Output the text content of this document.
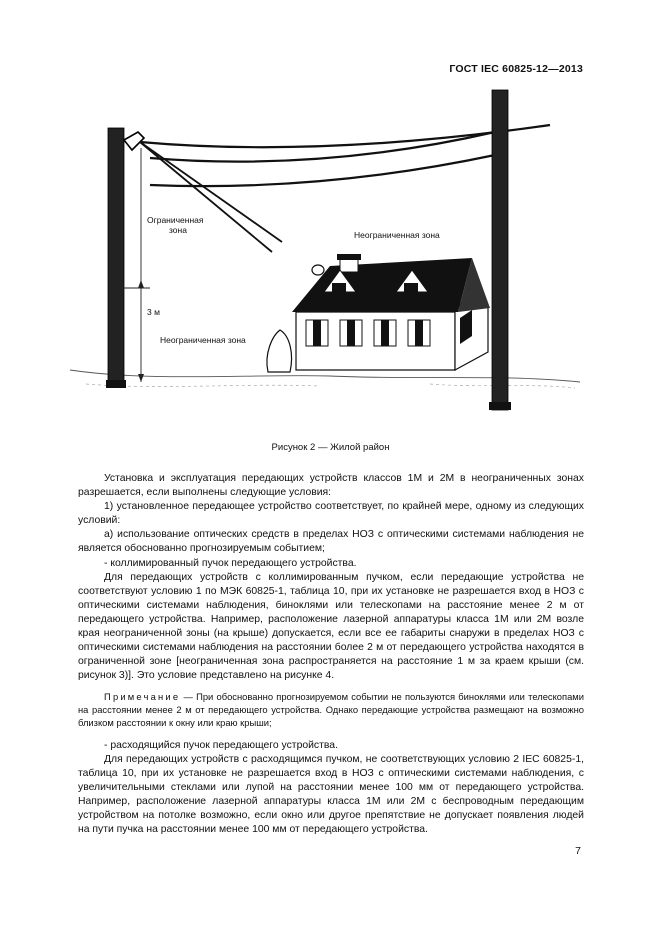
ГОСТ IEC 60825-12—2013
Ограниченная
зона	Неограниченная зона
3 м
Неограниченная зона
Рисунок 2 — Жилой район

Установка и эксплуатация передающих устройств классов 1M и 2M в неограниченных зонах разрешается, если выполнены следующие условия:

1) установленное передающее устройство соответствует, по крайней мере, одному из следующих условий:

a) использование оптических средств в пределах НОЗ с оптическими системами наблюдения не является обоснованно прогнозируемым событием;

- коллимированный пучок передающего устройства.

Для передающих устройств с коллимированным пучком, если передающие устройства не соответствуют условию 1 по МЭК 60825-1, таблица 10, при их установке не разрешается вход в НОЗ с оптическими системами наблюдения, биноклями или телескопами на расстояние менее 2 м от передающего устройства. Например, расположение лазерной аппаратуры класса 1M или 2M возле края неограниченной зоны (на крыше) допускается, если все ее габариты снаружи в пределах НОЗ с оптическими системами наблюдения на расстоянии более 2 м от передающего устройства находятся в ограниченной зоне [неограниченная зона распространяется на расстояние 1 м за краем крыши (см. рисунок 3)]. Это условие представлено на рисунке 4.

Примечание — При обоснованно прогнозируемом событии не пользуются биноклями или телескопами на расстоянии менее 2 м от передающего устройства. Однако передающие устройства размещают на возможно близком расстоянии к окну или краю крыши;

- расходящийся пучок передающего устройства.

Для передающих устройств с расходящимся пучком, не соответствующих условию 2 IEC 60825-1, таблица 10, при их установке не разрешается вход в НОЗ с оптическими системами наблюдения, с увеличительными стеклами или лупой на расстоянии менее 100 мм от передающего устройства. Например, расположение лазерной аппаратуры класса 1M или 2M с беспроводным передающим устройством на потолке возможно, если окно или другое препятствие не допускает появления людей на пути пучка на расстоянии менее 100 мм от передающего устройства.

7
